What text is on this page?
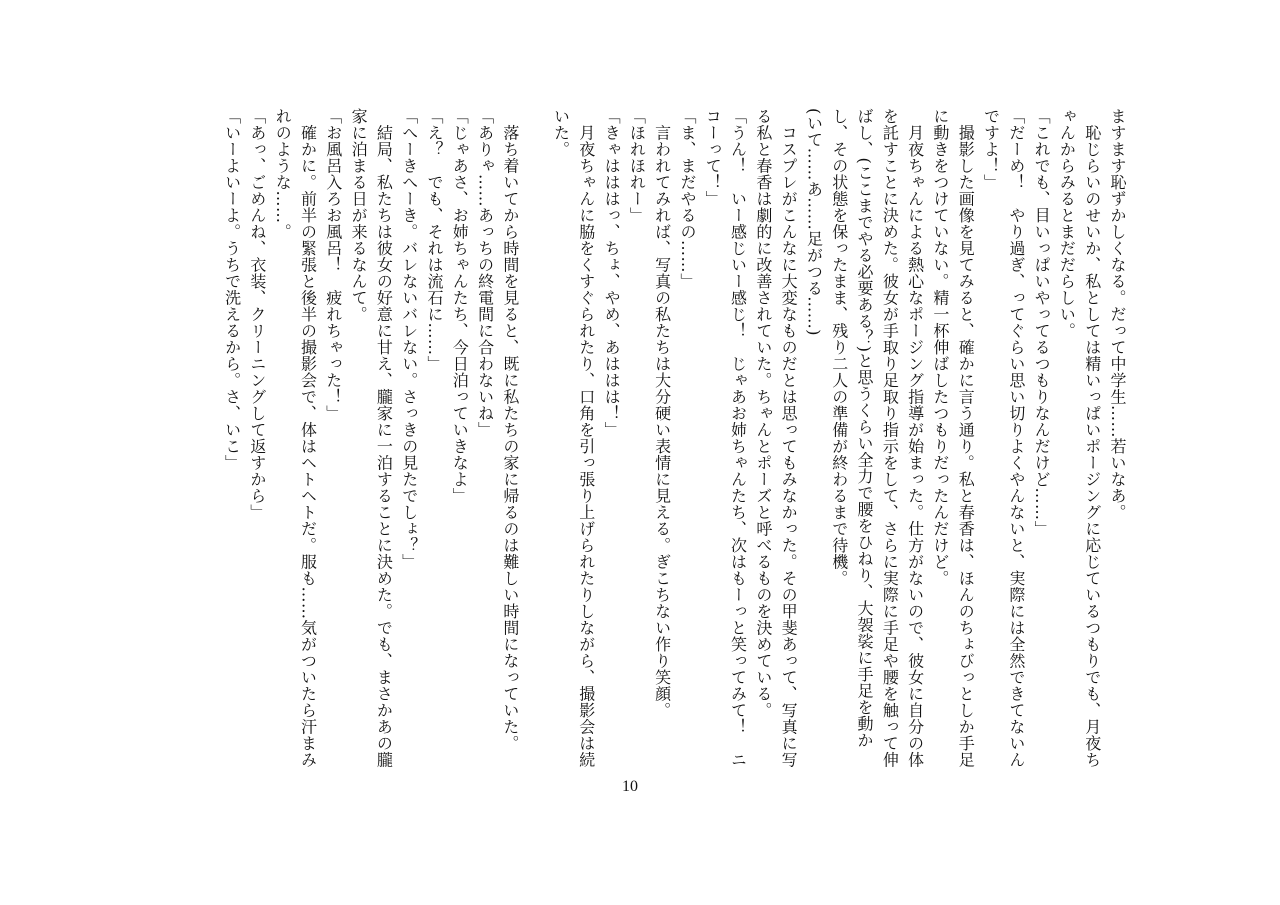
ますます恥ずかしくなる。だって中学生……若いなあ。

　恥じらいのせいか、私としては精いっぱいポージングに応じているつもりでも、月夜ちゃんからみるとまだだらしい。

「これでも、目いっぱいやってるつもりなんだけど……」

「だーめ！　やり過ぎ、ってぐらい思い切りよくやんないと、実際には全然できてないんですよ！」

　撮影した画像を見てみると、確かに言う通り。私と春香は、ほんのちょびっとしか手足に動きをつけていない。精一杯伸ばしたつもりだったんだけど。

　月夜ちゃんによる熱心なポージング指導が始まった。仕方がないので、彼女に自分の体を託すことに決めた。彼女が手取り足取り指示をして、さらに実際に手足や腰を触って伸ばし、(ここまでやる必要ある？)と思うくらい全力で腰をひねり、大袈裟に手足を動かし、その状態を保ったまま、残り二人の準備が終わるまで待機。

(いて……あ……足がつる……)

　コスプレがこんなに大変なものだとは思ってもみなかった。その甲斐あって、写真に写る私と春香は劇的に改善されていた。ちゃんとポーズと呼べるものを決めている。

「うん！　いー感じいー感じ！　じゃあお姉ちゃんたち、次はもーっと笑ってみて！　ニコーって！」

「ま、まだやるの……」

　言われてみれば、写真の私たちは大分硬い表情に見える。ぎこちない作り笑顔。

「ほれほれー」

「きゃはははっ、ちょ、やめ、あははは！」

　月夜ちゃんに脇をくすぐられたり、口角を引っ張り上げられたりしながら、撮影会は続いた。

　落ち着いてから時間を見ると、既に私たちの家に帰るのは難しい時間になっていた。

「ありゃ……あっちの終電間に合わないね」

「じゃあさ、お姉ちゃんたち、今日泊っていきなよ」

「え？　でも、それは流石に……」

「へーきへーき。バレないバレない。さっきの見たでしょ？」

　結局、私たちは彼女の好意に甘え、朧家に一泊することに決めた。でも、まさかあの朧家に泊まる日が来るなんて。

「お風呂入ろお風呂！　疲れちゃった！」

　確かに。前半の緊張と後半の撮影会で、体はヘトヘトだ。服も……気がついたら汗まみれのような……。

「あっ、ごめんね、衣装、クリーニングして返すから」

「いーよいーよ。うちで洗えるから。さ、いこ」

10
